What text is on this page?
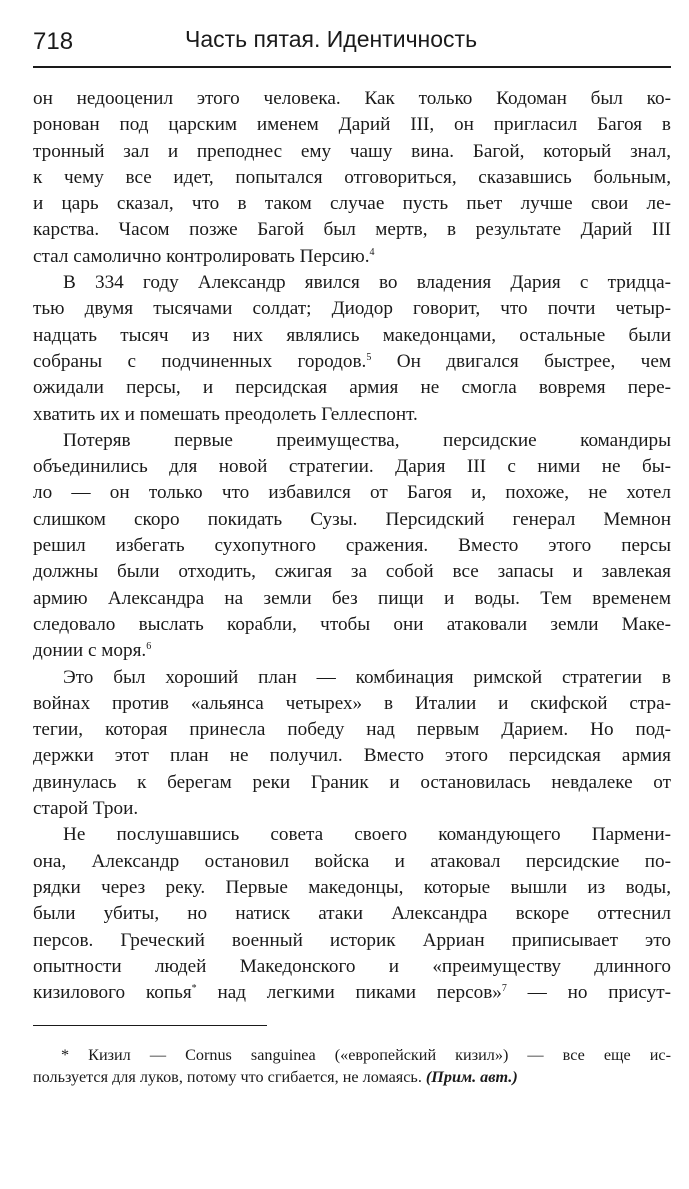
718	Часть пятая. Идентичность
он недооценил этого человека. Как только Кодоман был ко-
ронован под царским именем Дарий III, он пригласил Багоя в
тронный зал и преподнес ему чашу вина. Багой, который знал,
к чему все идет, попытался отговориться, сказавшись больным,
и царь сказал, что в таком случае пусть пьет лучше свои ле-
карства. Часом позже Багой был мертв, в результате Дарий III
стал самолично контролировать Персию.$^4$
В 334 году Александр явился во владения Дария с тридца-
тью двумя тысячами солдат; Диодор говорит, что почти четыр-
надцать тысяч из них являлись македонцами, остальные были
собраны с подчиненных городов.$^5$ Он двигался быстрее, чем
ожидали персы, и персидская армия не смогла вовремя пере-
хватить их и помешать преодолеть Геллеспонт.
Потеряв первые преимущества, персидские командиры
объединились для новой стратегии. Дария III с ними не бы-
ло — он только что избавился от Багоя и, похоже, не хотел
слишком скоро покидать Сузы. Персидский генерал Мемнон
решил избегать сухопутного сражения. Вместо этого персы
должны были отходить, сжигая за собой все запасы и завлекая
армию Александра на земли без пищи и воды. Тем временем
следовало выслать корабли, чтобы они атаковали земли Маке-
донии с моря.$^6$
Это был хороший план — комбинация римской стратегии в
войнах против «альянса четырех» в Италии и скифской стра-
тегии, которая принесла победу над первым Дарием. Но под-
держки этот план не получил. Вместо этого персидская армия
двинулась к берегам реки Граник и остановилась невдалеке от
старой Трои.
Не послушавшись совета своего командующего Пармени-
она, Александр остановил войска и атаковал персидские по-
рядки через реку. Первые македонцы, которые вышли из воды,
были убиты, но натиск атаки Александра вскоре оттеснил
персов. Греческий военный историк Арриан приписывает это
опытности людей Македонского и «преимуществу длинного
кизилового копья* над легкими пиками персов»$^7$ — но присут-
* Кизил — Cornus sanguinea («европейский кизил») — все еще ис-
пользуется для луков, потому что сгибается, не ломаясь. (Прим. авт.)
